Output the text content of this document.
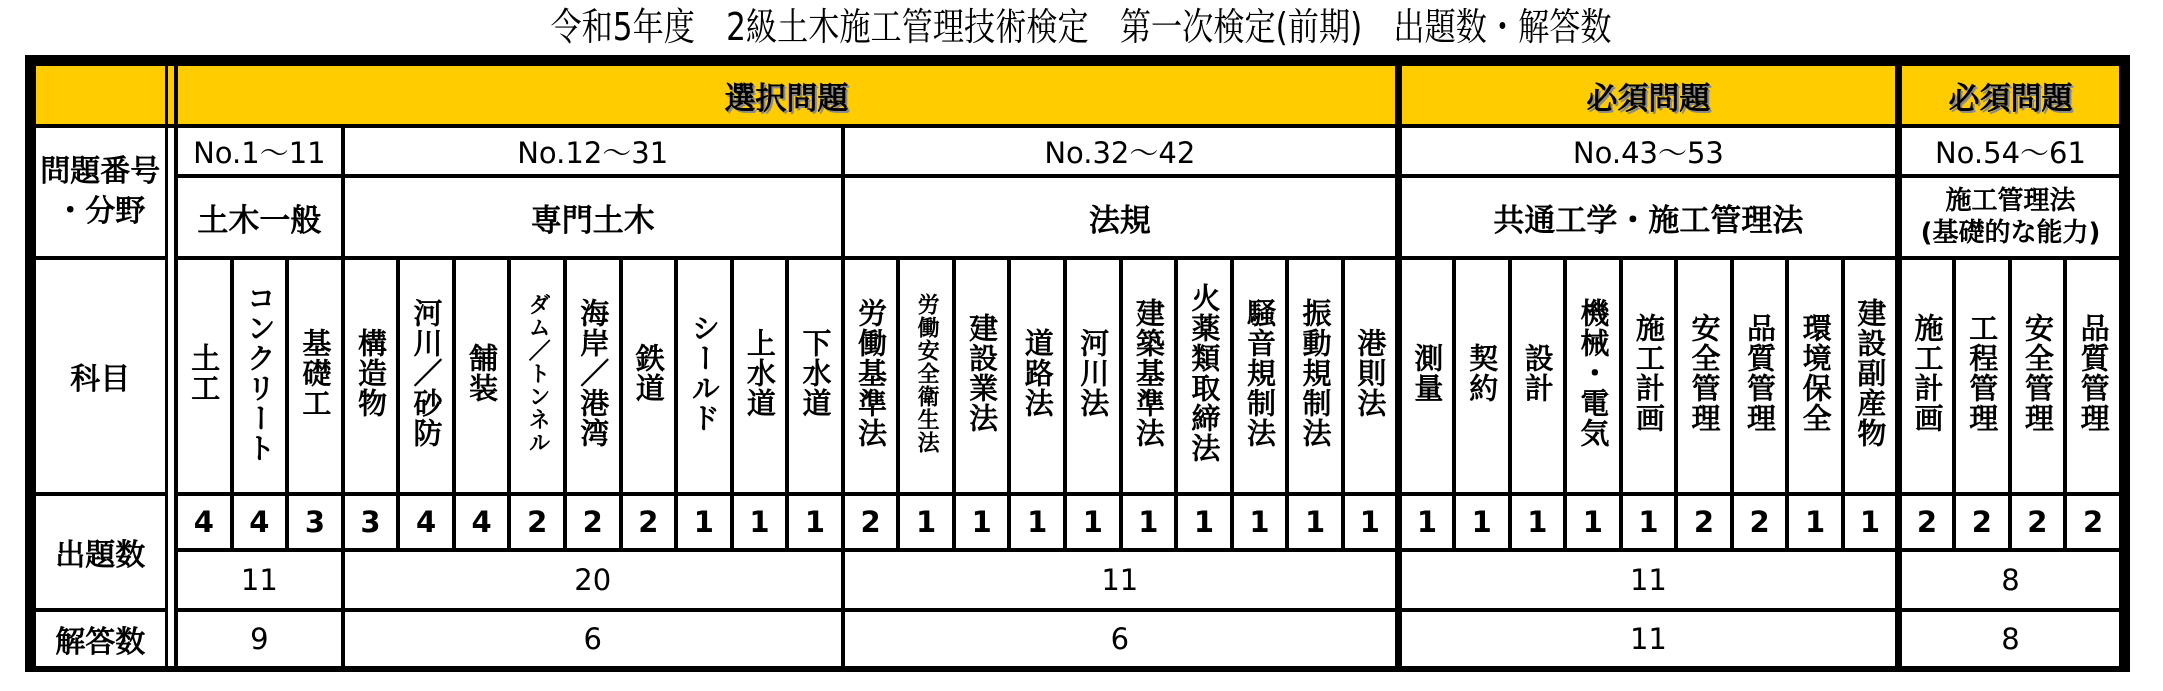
令和5年度　2級土木施工管理技術検定　第一次検定(前期)　出題数・解答数
		選択問題																						必須問題									必須問題			
問題番号
・分野		No.1～11			No.12～31									No.32～42										No.43～53									No.54～61			
		土木一般			専門土木									法規										共通工学・施工管理法									施工管理法
(基礎的な能力)			
科目		土工	コンクリート	基礎工	構造物	河川／砂防	舗装	ダム／トンネル	海岸／港湾	鉄道	シールド	上水道	下水道	労働基準法	労働安全衛生法	建設業法	道路法	河川法	建築基準法	火薬類取締法	騒音規制法	振動規制法	港則法	測量	契約	設計	機械・電気	施工計画	安全管理	品質管理	環境保全	建設副産物	施工計画	工程管理	安全管理	品質管理
出題数		4	4	3	3	4	4	2	2	2	1	1	1	2	1	1	1	1	1	1	1	1	1	1	1	1	1	1	2	2	1	1	2	2	2	2
		11			20									11										11									8			
解答数		9			6									6										11									8			
